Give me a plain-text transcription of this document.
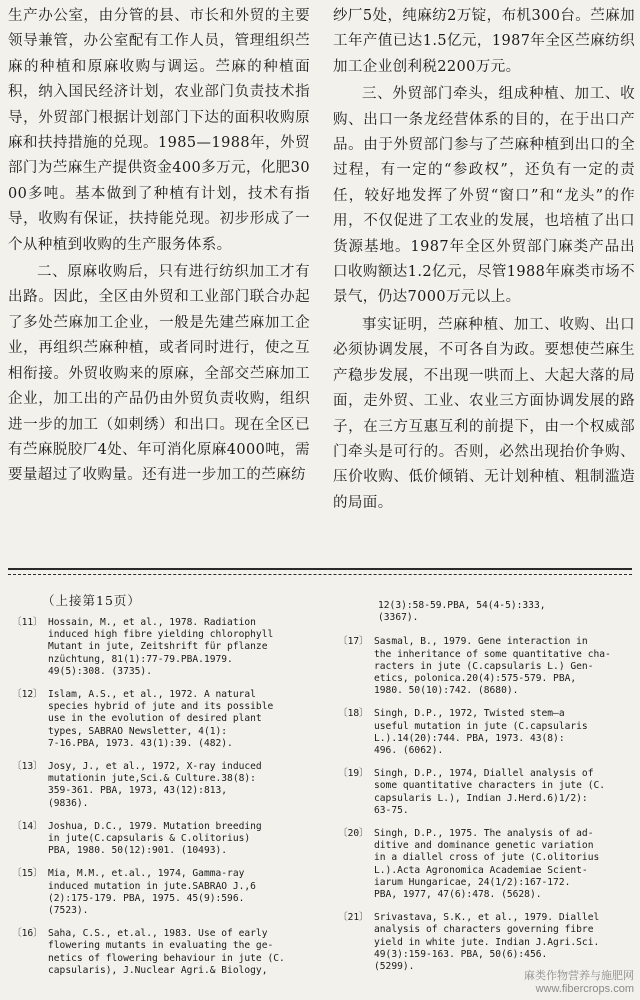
生产办公室，由分管的县、市长和外贸的主要领导兼管，办公室配有工作人员，管理组织苎麻的种植和原麻收购与调运。苎麻的种植面积，纳入国民经济计划，农业部门负责技术指导，外贸部门根据计划部门下达的面积收购原麻和扶持措施的兑现。1985—1988年，外贸部门为苎麻生产提供资金400多万元，化肥3000多吨。基本做到了种植有计划，技术有指导，收购有保证，扶持能兑现。初步形成了一个从种植到收购的生产服务体系。

二、原麻收购后，只有进行纺织加工才有出路。因此，全区由外贸和工业部门联合办起了多处苎麻加工企业，一般是先建苎麻加工企业，再组织苎麻种植，或者同时进行，使之互相衔接。外贸收购来的原麻，全部交苎麻加工企业，加工出的产品仍由外贸负责收购，组织进一步的加工（如剌绣）和出口。现在全区已有苎麻脱胶厂4处、年可消化原麻4000吨，需要量超过了收购量。还有进一步加工的苎麻纺

纱厂5处，纯麻纺2万锭，布机300台。苎麻加工年产值已达1.5亿元，1987年全区苎麻纺织加工企业创利税2200万元。

三、外贸部门牵头，组成种植、加工、收购、出口一条龙经营体系的目的，在于出口产品。由于外贸部门参与了苎麻种植到出口的全过程，有一定的“参政权”，还负有一定的责任，较好地发挥了外贸“窗口”和“龙头”的作用，不仅促进了工农业的发展，也培植了出口货源基地。1987年全区外贸部门麻类产品出口收购额达1.2亿元，尽管1988年麻类市场不景气，仍达7000万元以上。

事实证明，苎麻种植、加工、收购、出口必须协调发展，不可各自为政。要想使苎麻生产稳步发展，不出现一哄而上、大起大落的局面，走外贸、工业、农业三方面协调发展的路子，在三方互惠互利的前提下，由一个权威部门牵头是可行的。否则，必然出现抬价争购、压价收购、低价倾销、无计划种植、粗制滥造的局面。

（上接第15页）
〔11〕 Hossain, M., et al., 1978. Radiation
induced high fibre yielding chlorophyll
Mutant in jute, Zeitshrift für pflanze
nzüchtung, 81(1):77-79.PBA.1979.
49(5):308. (3735).
〔12〕 Islam, A.S., et al., 1972. A natural
species hybrid of jute and its possible
use in the evolution of desired plant
types, SABRAO Newsletter, 4(1):
7-16.PBA, 1973. 43(1):39. (482).
〔13〕 Josy, J., et al., 1972, X-ray induced
mutationin jute,Sci.& Culture.38(8):
359-361. PBA, 1973, 43(12):813,
(9836).
〔14〕 Joshua, D.C., 1979. Mutation breeding
in jute(C.capsularis & C.olitorius)
PBA, 1980. 50(12):901. (10493).
〔15〕 Mia, M.M., et.al., 1974, Gamma-ray
induced mutation in jute.SABRAO J.,6
(2):175-179. PBA, 1975. 45(9):596.
(7523).
〔16〕 Saha, C.S., et.al., 1983. Use of early
flowering mutants in evaluating the ge-
netics of flowering behaviour in jute (C.
capsularis), J.Nuclear Agri.& Biology,
12(3):58-59.PBA, 54(4-5):333,
(3367).
〔17〕 Sasmal, B., 1979. Gene interaction in
the inheritance of some quantitative cha-
racters in jute (C.capsularis L.) Gen-
etics, polonica.20(4):575-579. PBA,
1980. 50(10):742. (8680).
〔18〕 Singh, D.P., 1972, Twisted stem—a
useful mutation in jute (C.capsularis
L.).14(20):744. PBA, 1973. 43(8):
496. (6062).
〔19〕 Singh, D.P., 1974, Diallel analysis of
some quantitative characters in jute (C.
capsularis L.), Indian J.Herd.6)1/2):
63-75.
〔20〕 Singh, D.P., 1975. The analysis of ad-
ditive and dominance genetic variation
in a diallel cross of jute (C.olitorius
L.).Acta Agronomica Academiae Scient-
iarum Hungaricae, 24(1/2):167-172.
PBA, 1977, 47(6):478. (5628).
〔21〕 Srivastava, S.K., et al., 1979. Diallel
analysis of characters governing fibre
yield in white jute. Indian J.Agri.Sci.
49(3):159-163. PBA, 50(6):456.
(5299).
麻类作物营养与施肥网
www.fibercrops.com
